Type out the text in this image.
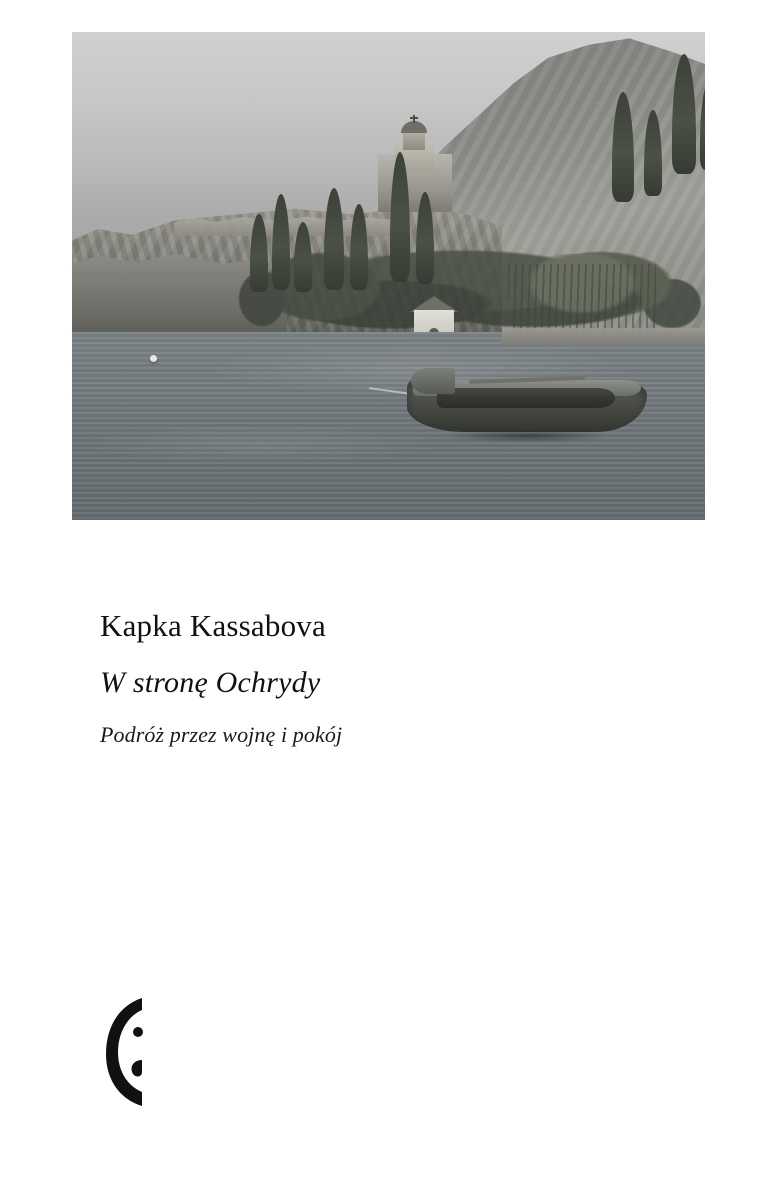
Kapka Kassabova
W stronę Ochrydy
Podróż przez wojnę i pokój
